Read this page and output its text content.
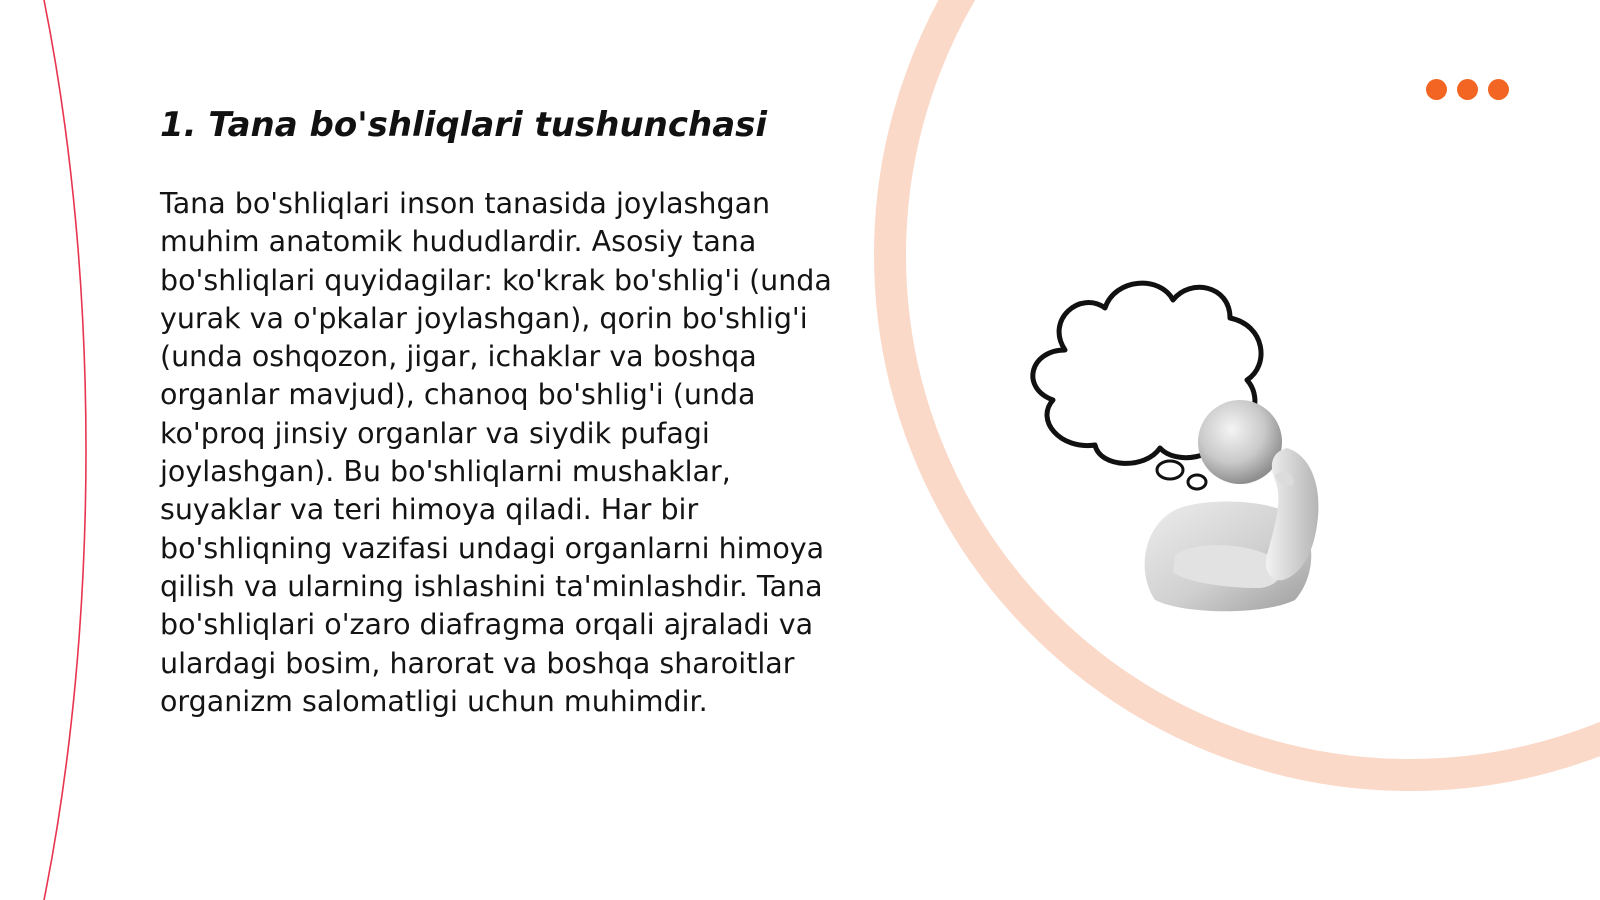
1. Tana bo'shliqlari tushunchasi

Tana bo'shliqlari inson tanasida joylashgan muhim anatomik hududlardir. Asosiy tana bo'shliqlari quyidagilar: ko'krak bo'shlig'i (unda yurak va o'pkalar joylashgan), qorin bo'shlig'i (unda oshqozon, jigar, ichaklar va boshqa organlar mavjud), chanoq bo'shlig'i (unda ko'proq jinsiy organlar va siydik pufagi joylashgan). Bu bo'shliqlarni mushaklar, suyaklar va teri himoya qiladi. Har bir bo'shliqning vazifasi undagi organlarni himoya qilish va ularning ishlashini ta'minlashdir. Tana bo'shliqlari o'zaro diafragma orqali ajraladi va ulardagi bosim, harorat va boshqa sharoitlar organizm salomatligi uchun muhimdir.
